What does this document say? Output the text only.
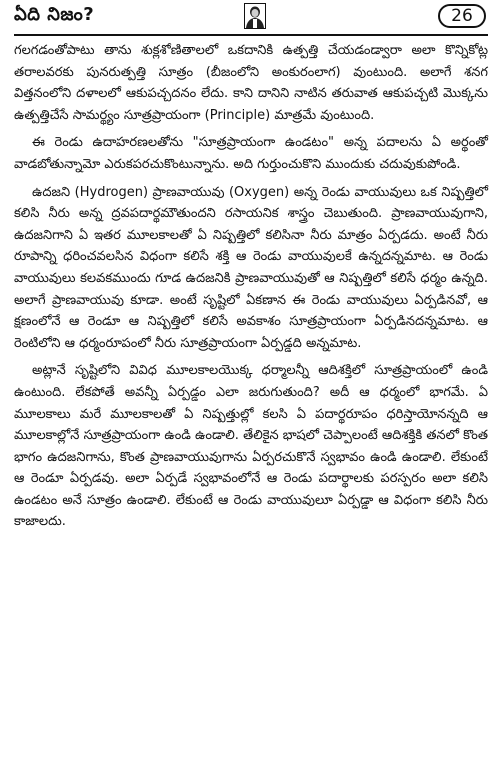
ఏది నిజం?	26

గలగడంతోపాటు తాను శుక్లశోణితాలలో ఒకదానికి ఉత్పత్తి చేయడండ్వారా అలా కొన్నికోట్ల తరాలవరకు పునరుత్పత్తి సూత్రం (బీజంలోని అంకురంలాగ) వుంటుంది. అలాగే శనగ విత్తనంలోని దళాలలో ఆకుపచ్చదనం లేదు. కాని దానిని నాటిన తరువాత ఆకుపచ్చటి మొక్కను ఉత్పత్తిచేసే సామర్థ్యం సూత్రప్రాయంగా (Principle) మాత్రమే వుంటుంది.

ఈ రెండు ఉదాహరణలతోను "సూత్రప్రాయంగా ఉండటం" అన్న పదాలను ఏ అర్థంతో వాడబోతున్నామో ఎరుకపరచుకొంటున్నాను. అది గుర్తుంచుకొని ముందుకు చదువుకుపోండి.

ఉదజని (Hydrogen) ప్రాణవాయువు (Oxygen) అన్న రెండు వాయువులు ఒక నిష్పత్తిలో కలిసి నీరు అన్న ద్రవపదార్థమౌతుందని రసాయనిక శాస్త్రం చెబుతుంది. ప్రాణవాయువుగాని, ఉదజనిగాని ఏ ఇతర మూలకాలతో ఏ నిష్పత్తిలో కలిసినా నీరు మాత్రం ఏర్పడదు. అంటే నీరు రూపాన్ని ధరించవలసిన విధంగా కలిసే శక్తి ఆ రెండు వాయువులకే ఉన్నదన్నమాట. ఆ రెండు వాయువులు కలవకముందు గూడ ఉదజనికి ప్రాణవాయువుతో ఆ నిష్పత్తిలో కలిసే ధర్మం ఉన్నది. అలాగే ప్రాణవాయువు కూడా. అంటే సృష్టిలో ఏకణాన ఈ రెండు వాయువులు ఏర్పడినవో, ఆ క్షణంలోనే ఆ రెండూ ఆ నిష్పత్తిలో కలిసే అవకాశం సూత్రప్రాయంగా ఏర్పడినదన్నమాట. ఆ రెంటిలోని ఆ ధర్మంరూపంలో నీరు సూత్రప్రాయంగా ఏర్పడ్డది అన్నమాట.

అట్లానే సృష్టిలోని వివిధ మూలకాలయొక్క ధర్మాలన్నీ ఆదిశక్తిలో సూత్రప్రాయంలో ఉండి ఉంటుంది. లేకపోతే అవన్నీ ఏర్పడ్డం ఎలా జరుగుతుంది? అదీ ఆ ధర్మంలో భాగమే. ఏ మూలకాలు మరే మూలకాలతో ఏ నిష్పత్తుల్లో కలసి ఏ పదార్థరూపం ధరిస్తాయోనన్నది ఆ మూలకాల్లోనే సూత్రప్రాయంగా ఉండి ఉండాలి. తేలికైన భాషలో చెప్పాలంటే ఆదిశక్తికి తనలో కొంత భాగం ఉదజనిగాను, కొంత ప్రాణవాయువుగాను ఏర్పరచుకొనే స్వభావం ఉండి ఉండాలి. లేకుంటే ఆ రెండూ ఏర్పడవు. అలా ఏర్పడే స్వభావంలోనే ఆ రెండు పదార్థాలకు పరస్పరం అలా కలిసి ఉండటం అనే సూత్రం ఉండాలి. లేకుంటే ఆ రెండు వాయువులూ ఏర్పడ్డా ఆ విధంగా కలిసి నీరు కాజాలదు.
